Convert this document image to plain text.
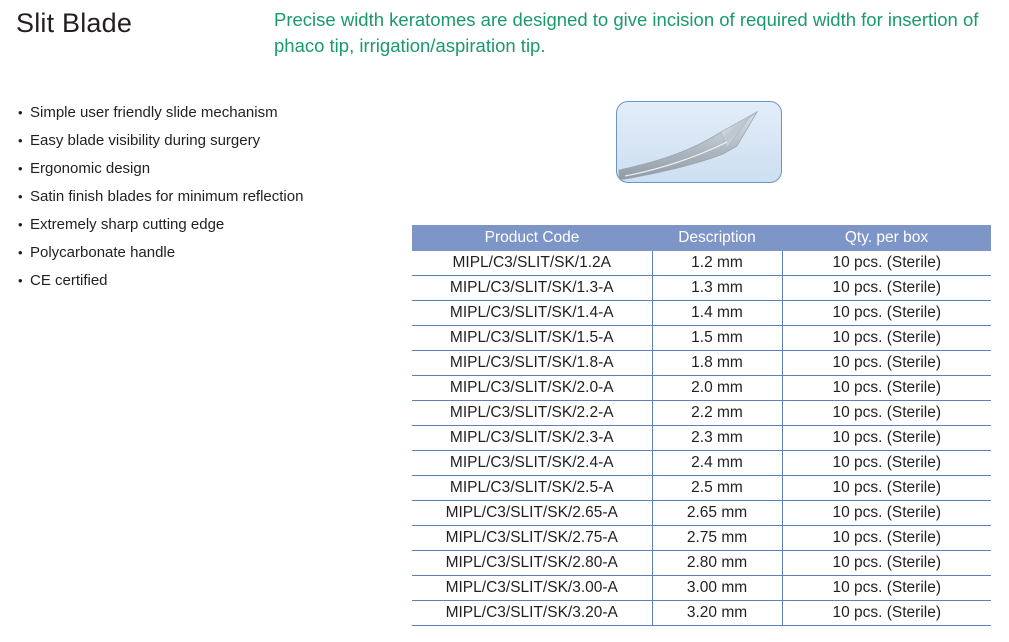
Slit Blade	Precise width keratomes are designed to give incision of required width for insertion of phaco tip, irrigation/aspiration tip.
• Simple user friendly slide mechanism
• Easy blade visibility during surgery
• Ergonomic design
• Satin finish blades for minimum reflection
• Extremely sharp cutting edge
• Polycarbonate handle
• CE certified
Product Code	Description	Qty. per box
MIPL/C3/SLIT/SK/1.2A	1.2 mm	10 pcs. (Sterile)
MIPL/C3/SLIT/SK/1.3-A	1.3 mm	10 pcs. (Sterile)
MIPL/C3/SLIT/SK/1.4-A	1.4 mm	10 pcs. (Sterile)
MIPL/C3/SLIT/SK/1.5-A	1.5 mm	10 pcs. (Sterile)
MIPL/C3/SLIT/SK/1.8-A	1.8 mm	10 pcs. (Sterile)
MIPL/C3/SLIT/SK/2.0-A	2.0 mm	10 pcs. (Sterile)
MIPL/C3/SLIT/SK/2.2-A	2.2 mm	10 pcs. (Sterile)
MIPL/C3/SLIT/SK/2.3-A	2.3 mm	10 pcs. (Sterile)
MIPL/C3/SLIT/SK/2.4-A	2.4 mm	10 pcs. (Sterile)
MIPL/C3/SLIT/SK/2.5-A	2.5 mm	10 pcs. (Sterile)
MIPL/C3/SLIT/SK/2.65-A	2.65 mm	10 pcs. (Sterile)
MIPL/C3/SLIT/SK/2.75-A	2.75 mm	10 pcs. (Sterile)
MIPL/C3/SLIT/SK/2.80-A	2.80 mm	10 pcs. (Sterile)
MIPL/C3/SLIT/SK/3.00-A	3.00 mm	10 pcs. (Sterile)
MIPL/C3/SLIT/SK/3.20-A	3.20 mm	10 pcs. (Sterile)
